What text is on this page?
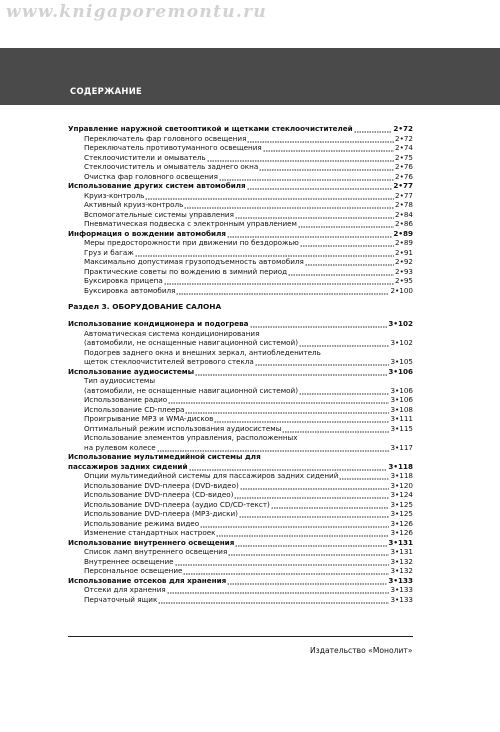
www.knigaporemontu.ru
СОДЕРЖАНИЕ
Управление наружной светооптикой и щетками стеклоочистителей	2•72
Переключатель фар головного освещения	2•72
Переключатель противотуманного освещения	2•74
Стеклоочистители и омыватель	2•75
Стеклоочиститель и омыватель заднего окна	2•76
Очистка фар головного освещения	2•76
Использование других систем автомобиля	2•77
Круиз-контроль	2•77
Активный круиз-контроль	2•78
Вспомогательные системы управления	2•84
Пневматическая подвеска с электронным управлением	2•86
Информация о вождении автомобиля	2•89
Меры предосторожности при движении по бездорожью	2•89
Груз и багаж	2•91
Максимально допустимая грузоподъемность автомобиля	2•92
Практические советы по вождению в зимний период	2•93
Буксировка прицепа	2•95
Буксировка автомобиля	2•100
Раздел 3. ОБОРУДОВАНИЕ САЛОНА
Использование кондиционера и подогрева	3•102
Автоматическая система кондиционирования
(автомобили, не оснащенные навигационной системой)	3•102
Подогрев заднего окна и внешних зеркал, антиобледенитель
щеток стеклоочистителей ветрового стекла	3•105
Использование аудиосистемы	3•106
Тип аудиосистемы
(автомобили, не оснащенные навигационной системой)	3•106
Использование радио	3•106
Использование CD-плеера	3•108
Проигрывание MP3 и WMA-дисков	3•111
Оптимальный режим использования аудиосистемы	3•115
Использование элементов управления, расположенных
на рулевом колесе	3•117
Использование мультимедийной системы для
пассажиров задних сидений	3•118
Опции мультимедийной системы для пассажиров задних сидений	3•118
Использование DVD-плеера (DVD-видео)	3•120
Использование DVD-плеера (CD-видео)	3•124
Использование DVD-плеера (аудио CD/CD-текст)	3•125
Использование DVD-плеера (MP3-диски)	3•125
Использование режима видео	3•126
Изменение стандартных настроек	3•126
Использование внутреннего освещения	3•131
Список ламп внутреннего освещения	3•131
Внутреннее освещение	3•132
Персональное освещение	3•132
Использование отсеков для хранения	3•133
Отсеки для хранения	3•133
Перчаточный ящик	3•133
Издательство «Монолит»
